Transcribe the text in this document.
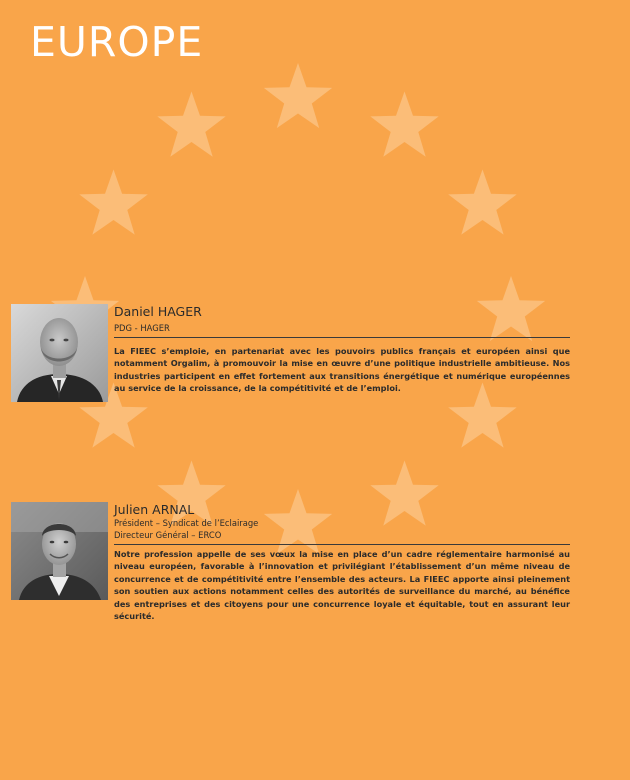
EUROPE
Daniel HAGER
PDG - HAGER

La FIEEC s’emploie, en partenariat avec les pouvoirs publics français et européen ainsi que notamment Orgalim, à promouvoir la mise en œuvre d’une politique industrielle ambitieuse. Nos industries participent en effet fortement aux transitions énergétique et numérique européennes au service de la croissance, de la compétitivité et de l’emploi.

Julien ARNAL
Président – Syndicat de l’Eclairage
Directeur Général – ERCO

Notre profession appelle de ses vœux la mise en place d’un cadre réglementaire harmonisé au niveau européen, favorable à l’innovation et privilégiant l’établissement d’un même niveau de concurrence et de compétitivité entre l’ensemble des acteurs. La FIEEC apporte ainsi pleinement son soutien aux actions notamment celles des autorités de surveillance du marché, au bénéfice des entreprises et des citoyens pour une concurrence loyale et équitable, tout en assurant leur sécurité.
